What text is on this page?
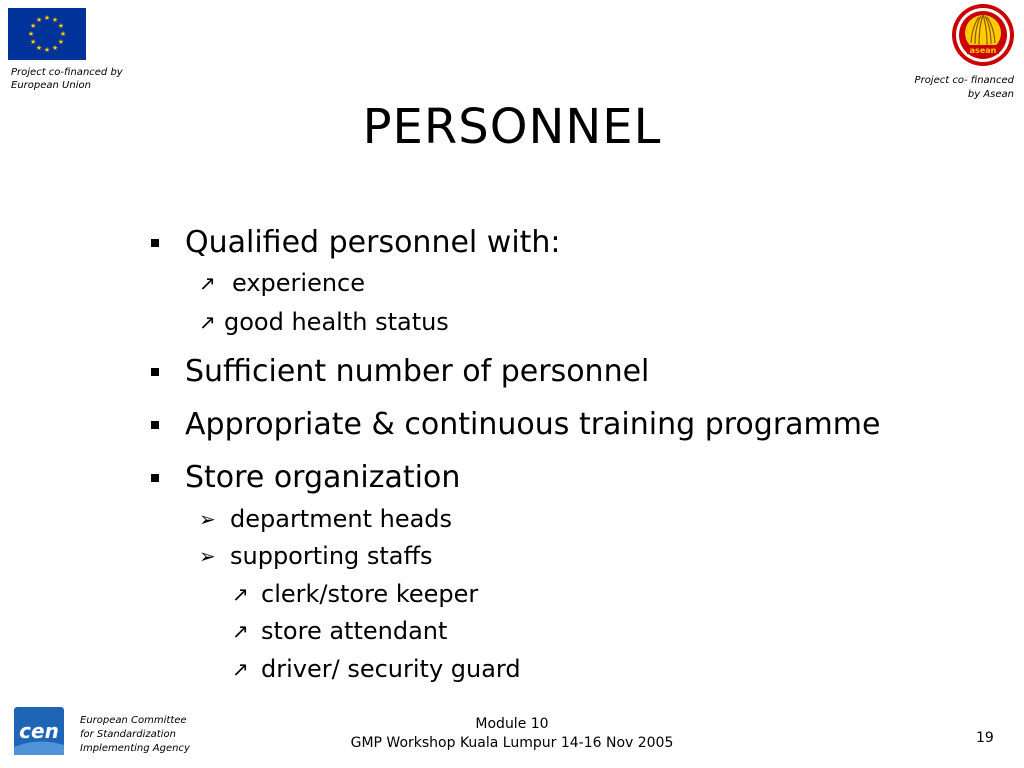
★ ★
★
★
★
★
★
★
★
★
★
★
Project co-financed by
European Union
asean
Project co- financed
by Asean
PERSONNEL
Qualified personnel with:
↗ experience
↗ good health status
Sufficient number of personnel
Appropriate & continuous training programme
Store organization
➢ department heads
➢ supporting staffs
↗ clerk/store keeper
↗ store attendant
↗ driver/ security guard
cen European Committee
for Standardization
Implementing Agency
Module 10
GMP Workshop Kuala Lumpur 14-16 Nov 2005	19
